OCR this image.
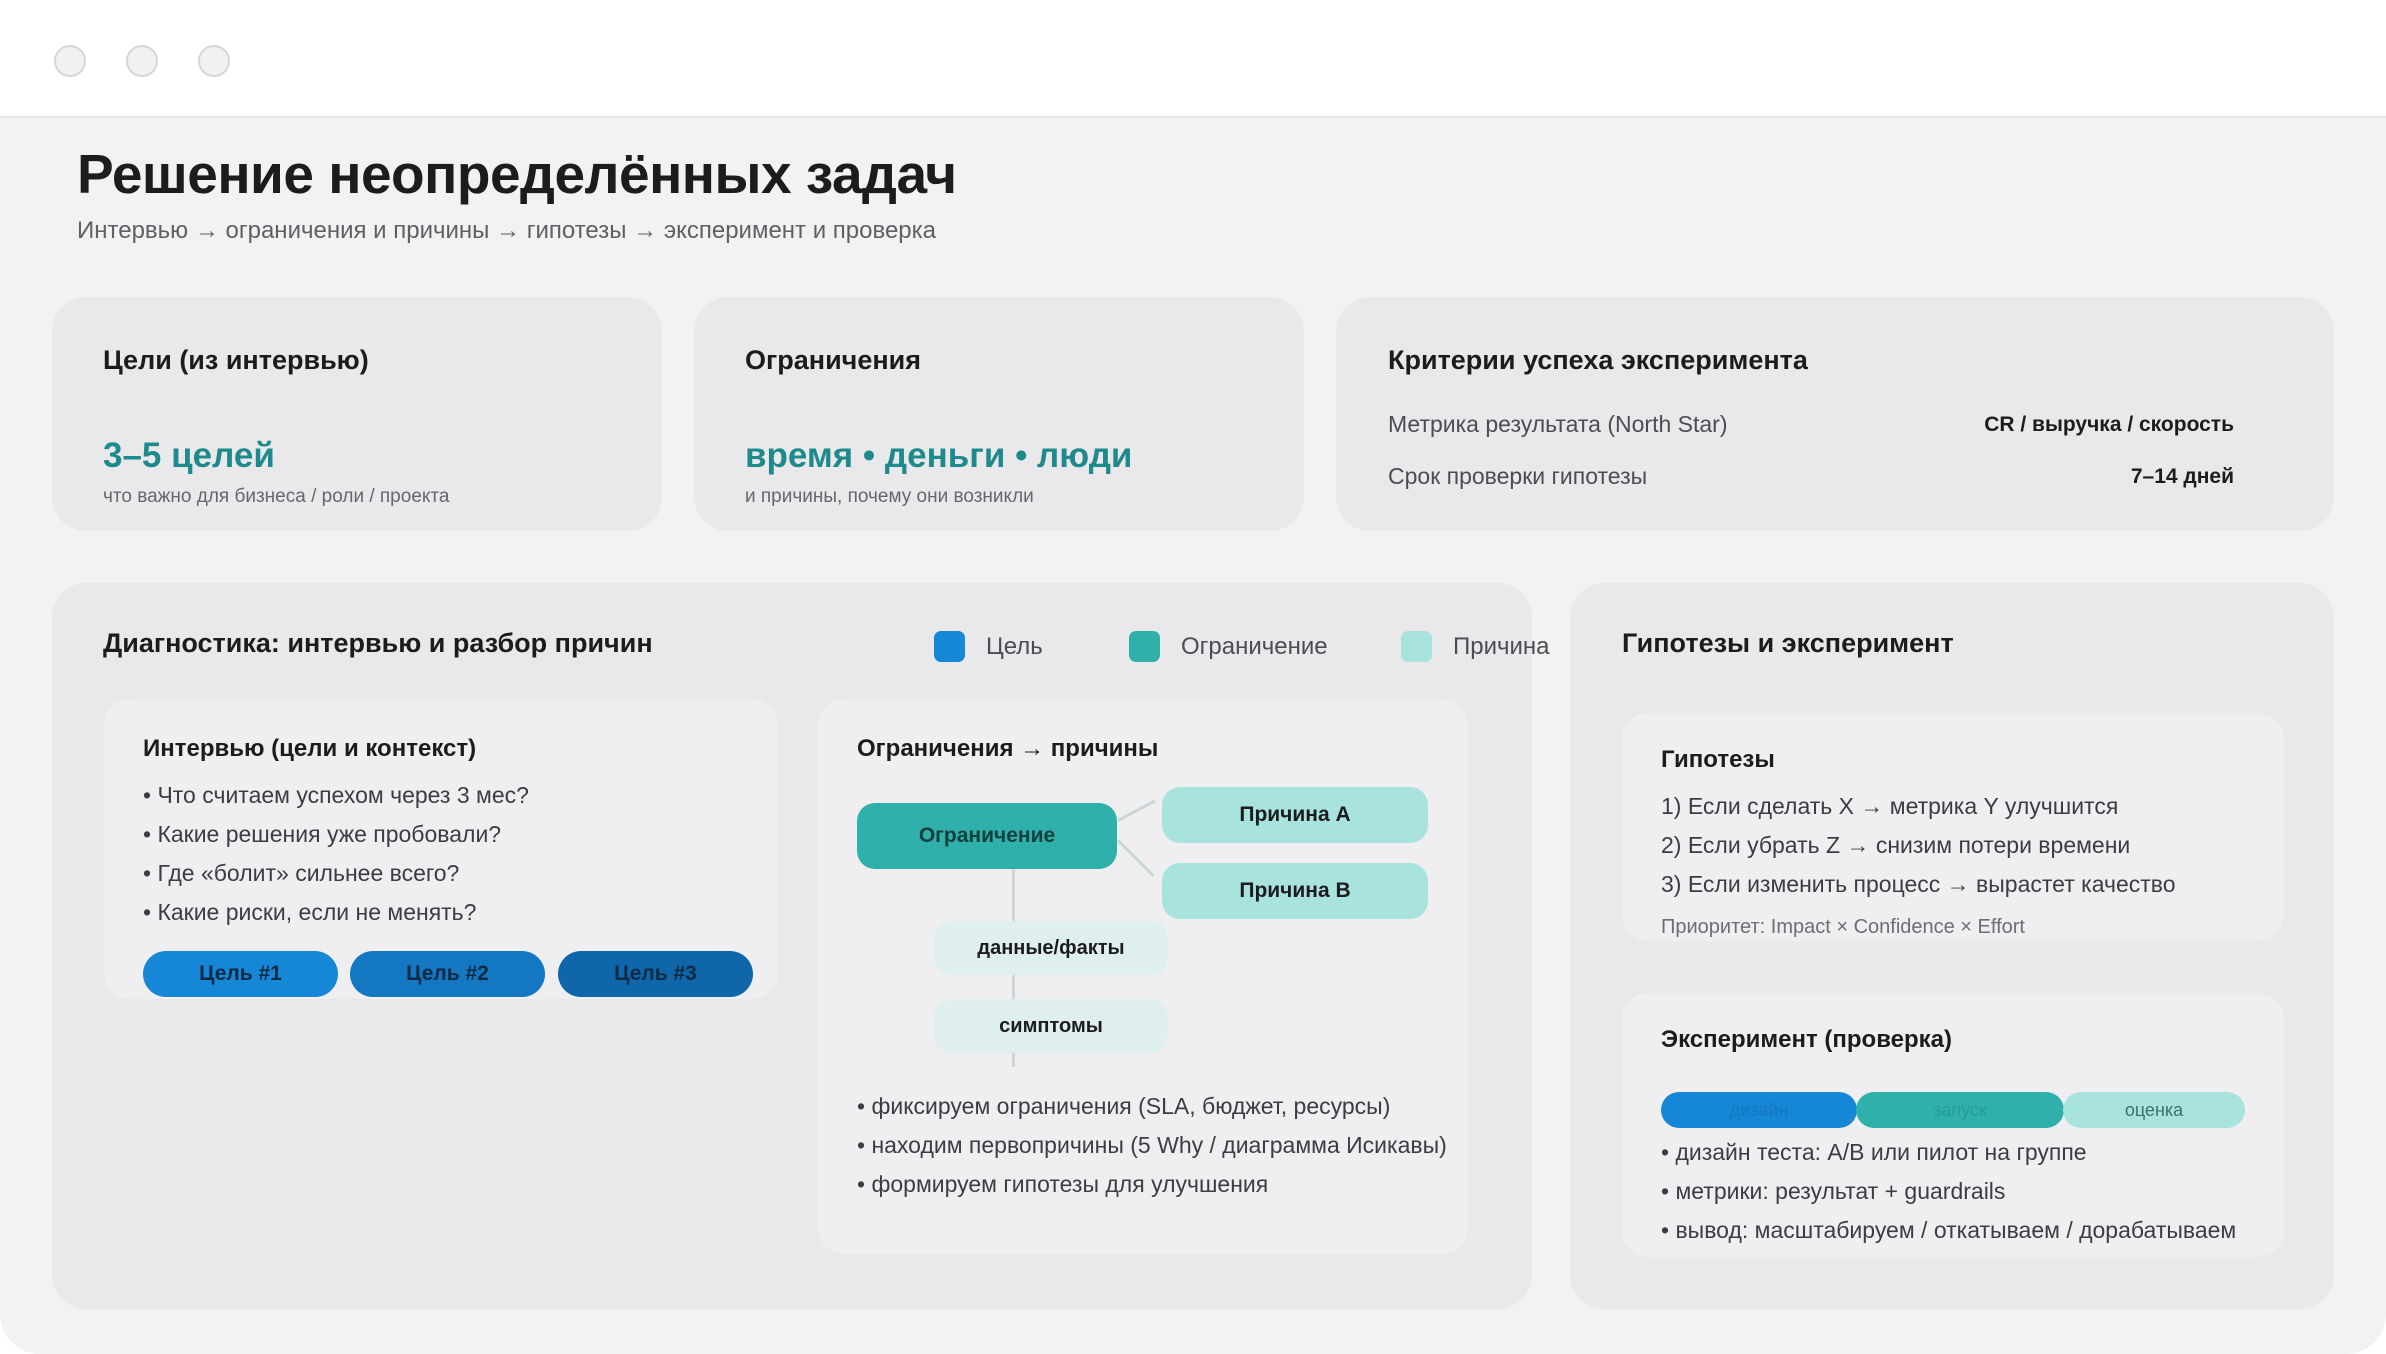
Решение неопределённых задач
Интервью → ограничения и причины → гипотезы → эксперимент и проверка
Цели (из интервью)
3–5 целей
что важно для бизнеса / роли / проекта
Ограничения
время • деньги • люди
и причины, почему они возникли
Критерии успеха эксперимента
Метрика результата (North Star)	CR / выручка / скорость
Срок проверки гипотезы	7–14 дней
Диагностика: интервью и разбор причин	Цель	Ограничение	Причина
Интервью (цели и контекст)
• Что считаем успехом через 3 мес?
• Какие решения уже пробовали?
• Где «болит» сильнее всего?
• Какие риски, если не менять?
Цель #1	Цель #2	Цель #3
Ограничения → причины
Ограничение
Причина A
Причина B
данные/факты
симптомы
• фиксируем ограничения (SLA, бюджет, ресурсы)
• находим первопричины (5 Why / диаграмма Исикавы)
• формируем гипотезы для улучшения
Гипотезы и эксперимент
Гипотезы
1) Если сделать X → метрика Y улучшится
2) Если убрать Z → снизим потери времени
3) Если изменить процесс → вырастет качество
Приоритет: Impact × Confidence × Effort
Эксперимент (проверка)
• дизайн теста: A/B или пилот на группе
• метрики: результат + guardrails
• вывод: масштабируем / откатываем / дорабатываем
дизайн	запуск	оценка
